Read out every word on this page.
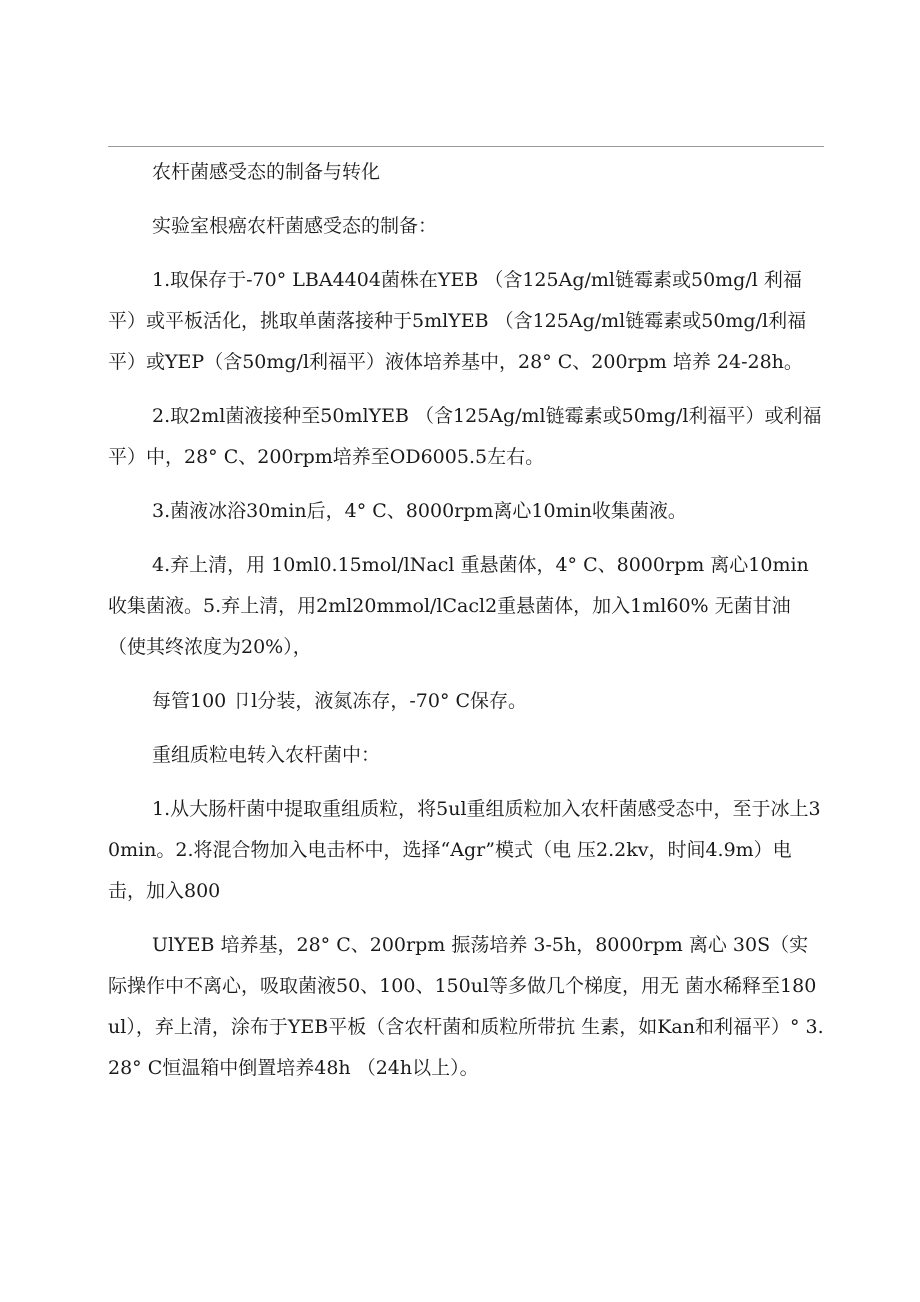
农杆菌感受态的制备与转化

实验室根癌农杆菌感受态的制备：

1.取保存于-70° LBA4404菌株在YEB （含125Ag/ml链霉素或50mg/l 利福平）或平板活化，挑取单菌落接种于5mlYEB （含125Ag/ml链霉素或50mg/l利福平）或YEP（含50mg/l利福平）液体培养基中，28° C、200rpm 培养 24-28h。

2.取2ml菌液接种至50mlYEB （含125Ag/ml链霉素或50mg/l利福平）或利福平）中，28° C、200rpm培养至OD6005.5左右。

3.菌液冰浴30min后，4° C、8000rpm离心10min收集菌液。

4.弃上清，用 10ml0.15mol/lNacl 重悬菌体，4° C、8000rpm 离心10min收集菌液。5.弃上清，用2ml20mmol/lCacl2重悬菌体，加入1ml60% 无菌甘油（使其终浓度为20%），

每管100 卩l分装，液氮冻存，-70° C保存。

重组质粒电转入农杆菌中：

1.从大肠杆菌中提取重组质粒，将5ul重组质粒加入农杆菌感受态中，至于冰上30min。2.将混合物加入电击杯中，选择“Agr”模式（电 压2.2kv，时间4.9m）电击，加入800

UlYEB 培养基，28° C、200rpm 振荡培养 3-5h，8000rpm 离心 30S（实际操作中不离心，吸取菌液50、100、150ul等多做几个梯度，用无 菌水稀释至180ul），弃上清，涂布于YEB平板（含农杆菌和质粒所带抗 生素，如Kan和利福平）° 3.28° C恒温箱中倒置培养48h （24h以上）。
